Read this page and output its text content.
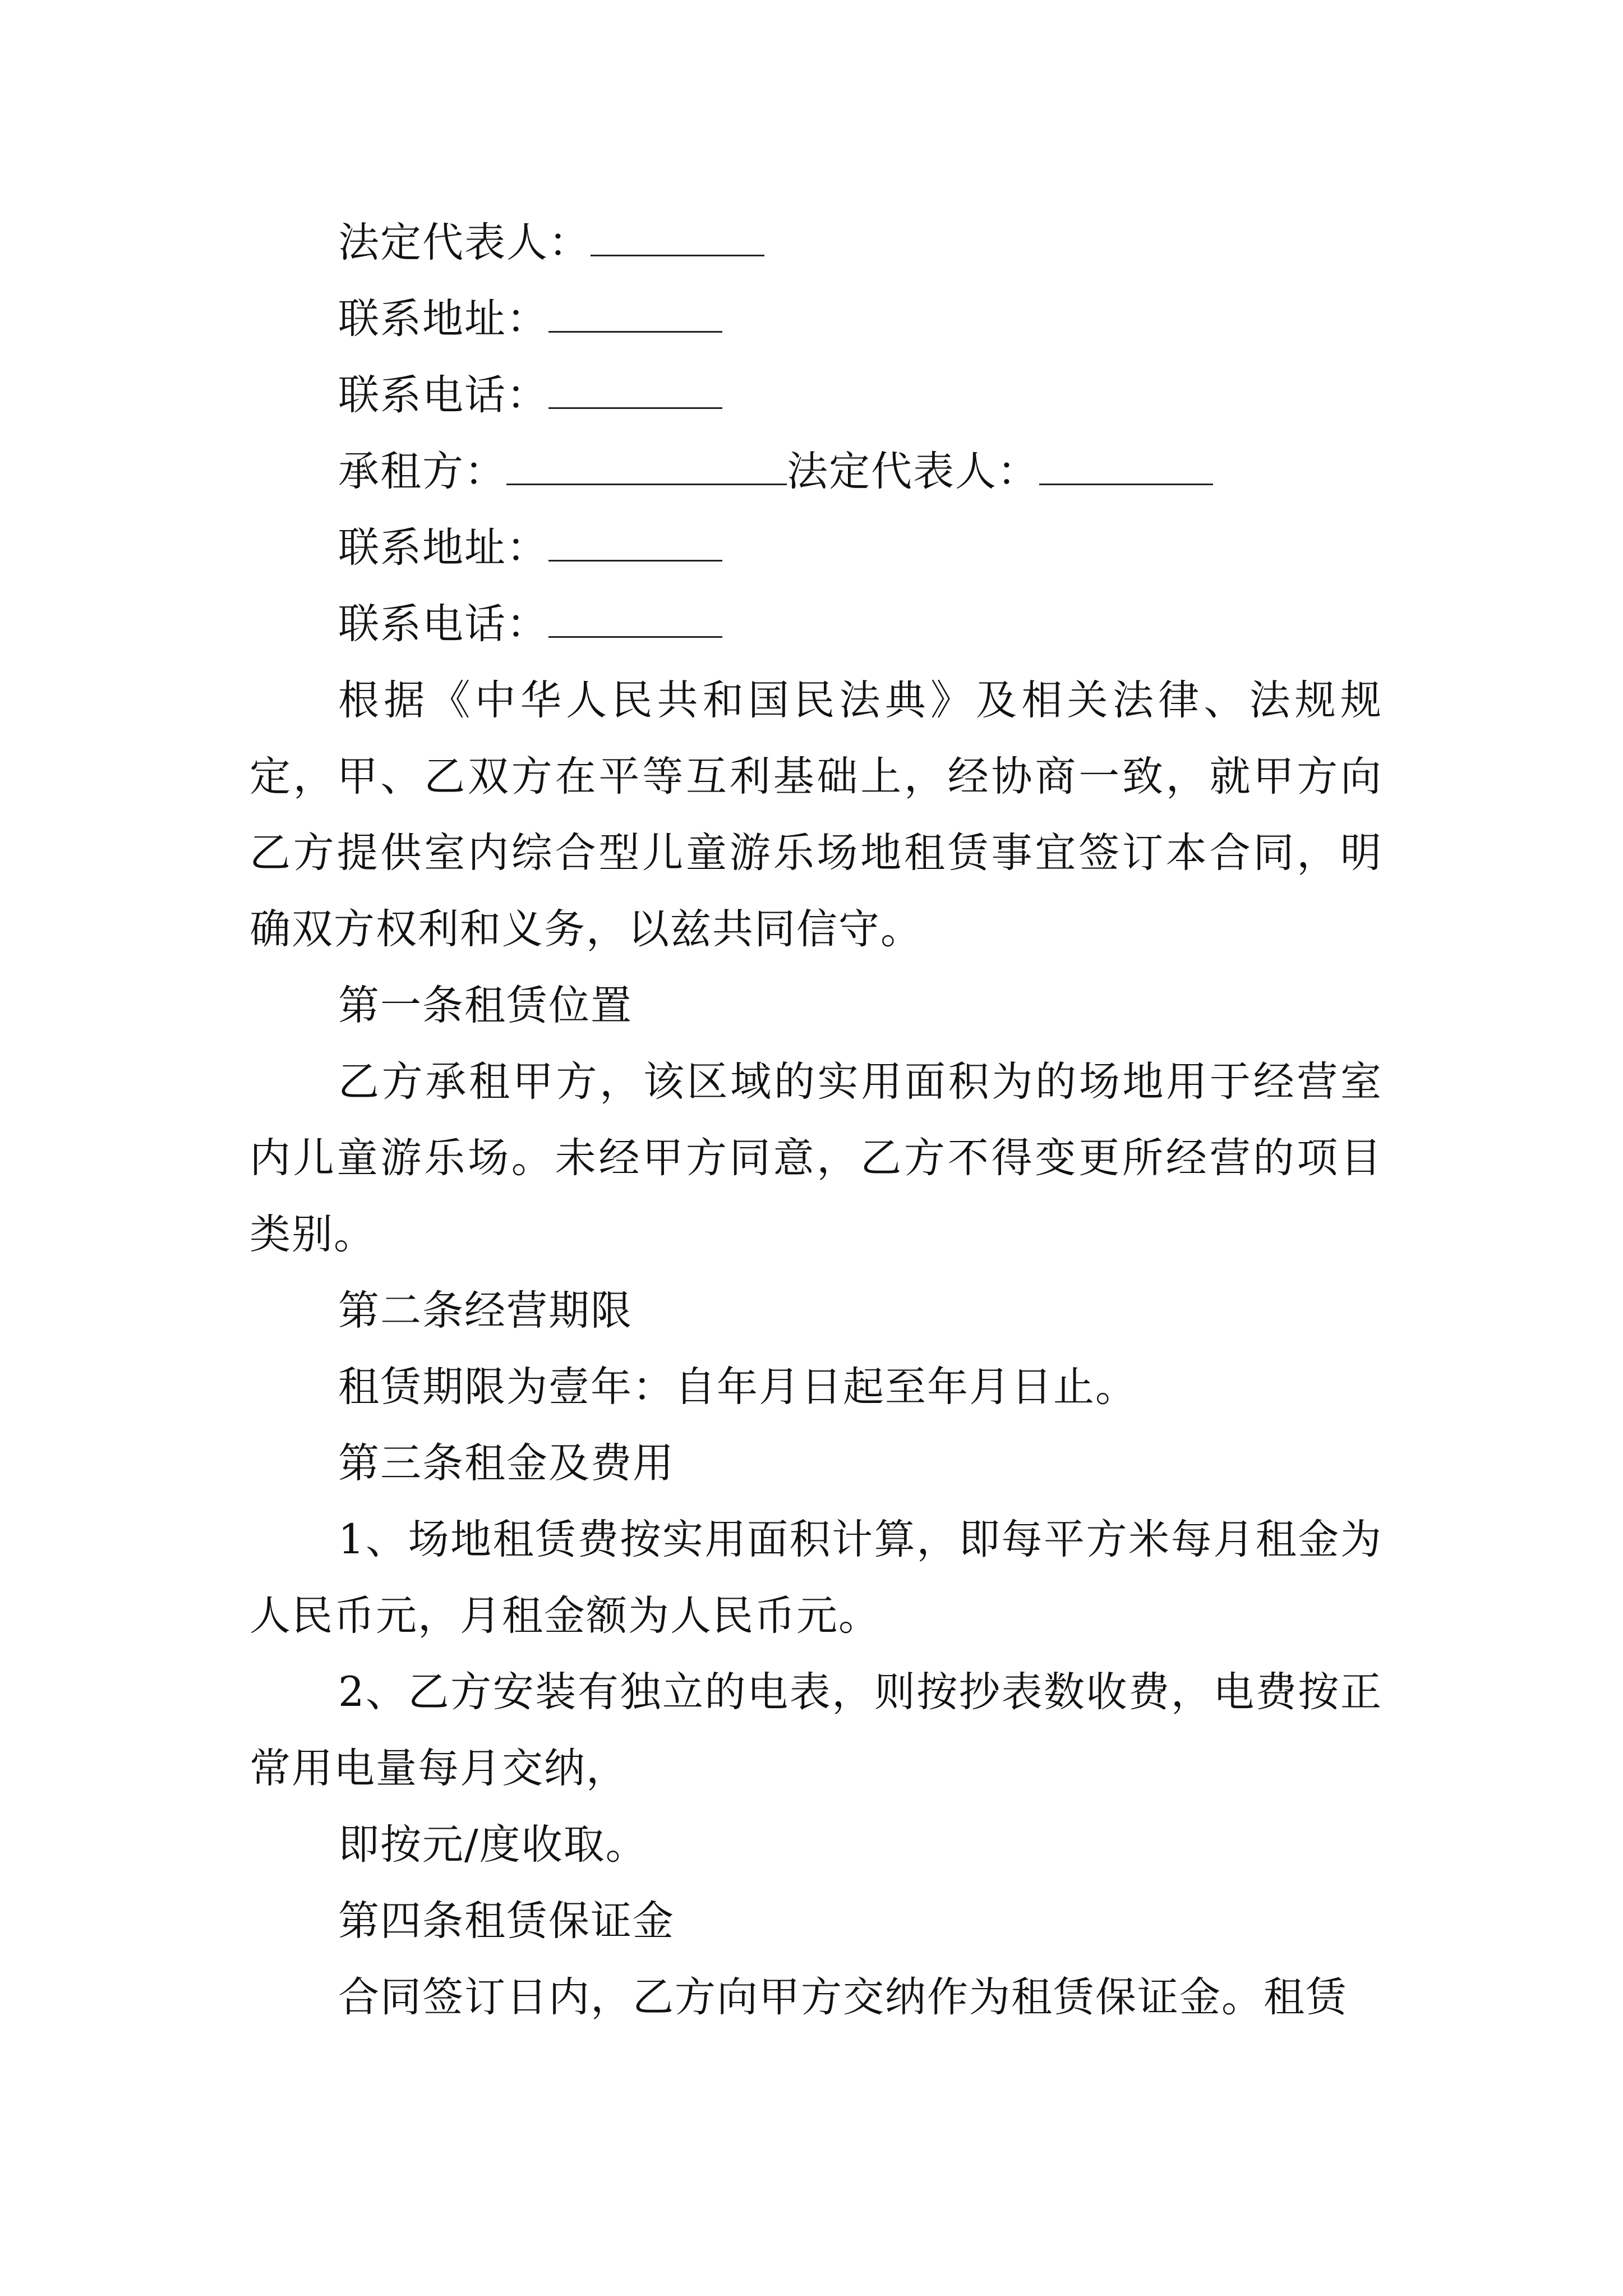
法定代表人：
联系地址：
联系电话：
承租方：	法定代表人：
联系地址：
联系电话：

根据《中华人民共和国民法典》及相关法律、法规规定，甲、乙双方在平等互利基础上，经协商一致，就甲方向乙方提供室内综合型儿童游乐场地租赁事宜签订本合同，明确双方权利和义务，以兹共同信守。

第一条租赁位置

乙方承租甲方，该区域的实用面积为的场地用于经营室内儿童游乐场。未经甲方同意，乙方不得变更所经营的项目类别。

第二条经营期限

租赁期限为壹年：自年月日起至年月日止。

第三条租金及费用

1、场地租赁费按实用面积计算，即每平方米每月租金为人民币元，月租金额为人民币元。

2、乙方安装有独立的电表，则按抄表数收费，电费按正常用电量每月交纳，

即按元/度收取。

第四条租赁保证金

合同签订日内，乙方向甲方交纳作为租赁保证金。租赁
